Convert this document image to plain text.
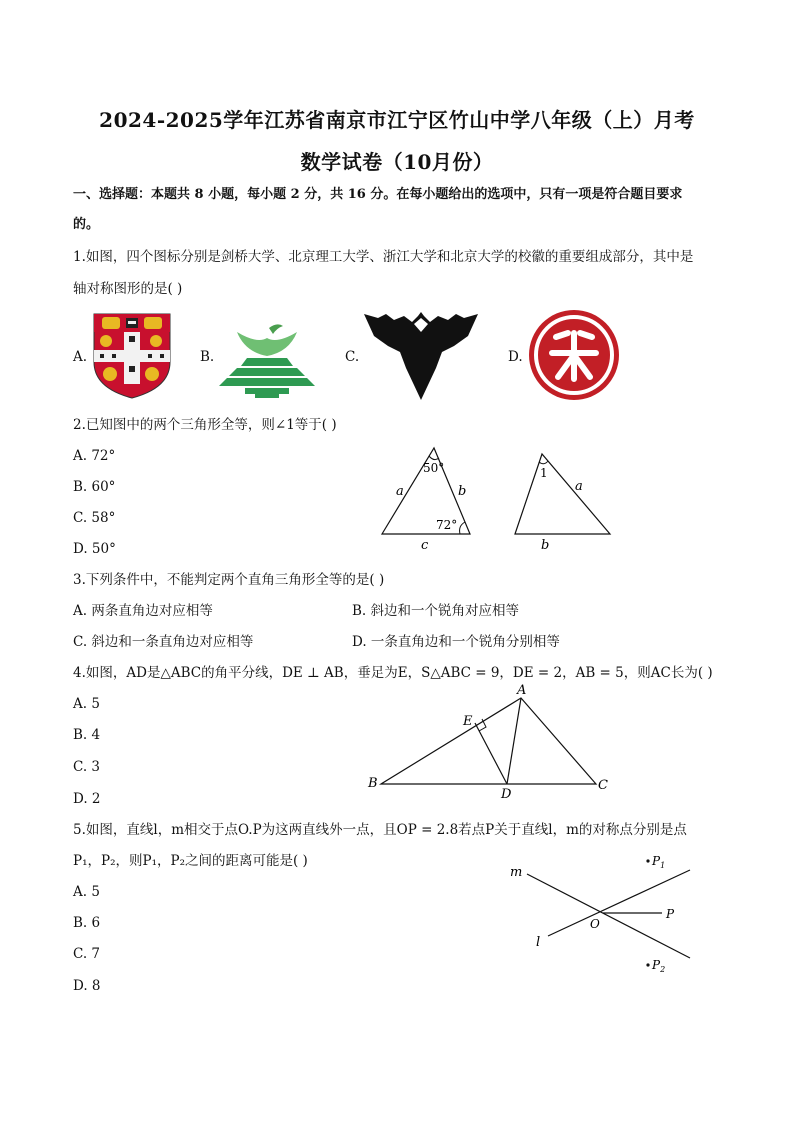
2024-2025学年江苏省南京市江宁区竹山中学八年级（上）月考
数学试卷（10月份）
一、选择题：本题共 8 小题，每小题 2 分，共 16 分。在每小题给出的选项中，只有一项是符合题目要求
的。
1.如图，四个图标分别是剑桥大学、北京理工大学、浙江大学和北京大学的校徽的重要组成部分，其中是
轴对称图形的是( )
A.	B.	C.	D.
2.已知图中的两个三角形全等，则∠1等于( )
A. 72°
B. 60°
C. 58°
D. 50°
50°
72°
a	b
c
1
a
b
3.下列条件中，不能判定两个直角三角形全等的是( )
A. 两条直角边对应相等	B. 斜边和一个锐角对应相等
C. 斜边和一条直角边对应相等	D. 一条直角边和一个锐角分别相等
4.如图，AD是△ABC的角平分线，DE ⊥ AB，垂足为E，S△ABC = 9，DE = 2，AB = 5，则AC长为( )
A. 5
B. 4
C. 3
D. 2
A
B	C
D
E
5.如图，直线l，m相交于点O.P为这两直线外一点，且OP = 2.8若点P关于直线l，m的对称点分别是点
P₁，P₂，则P₁，P₂之间的距离可能是( )
A. 5
B. 6
C. 7
D. 8
m
l
O
P
$P_1$
$P_2$
